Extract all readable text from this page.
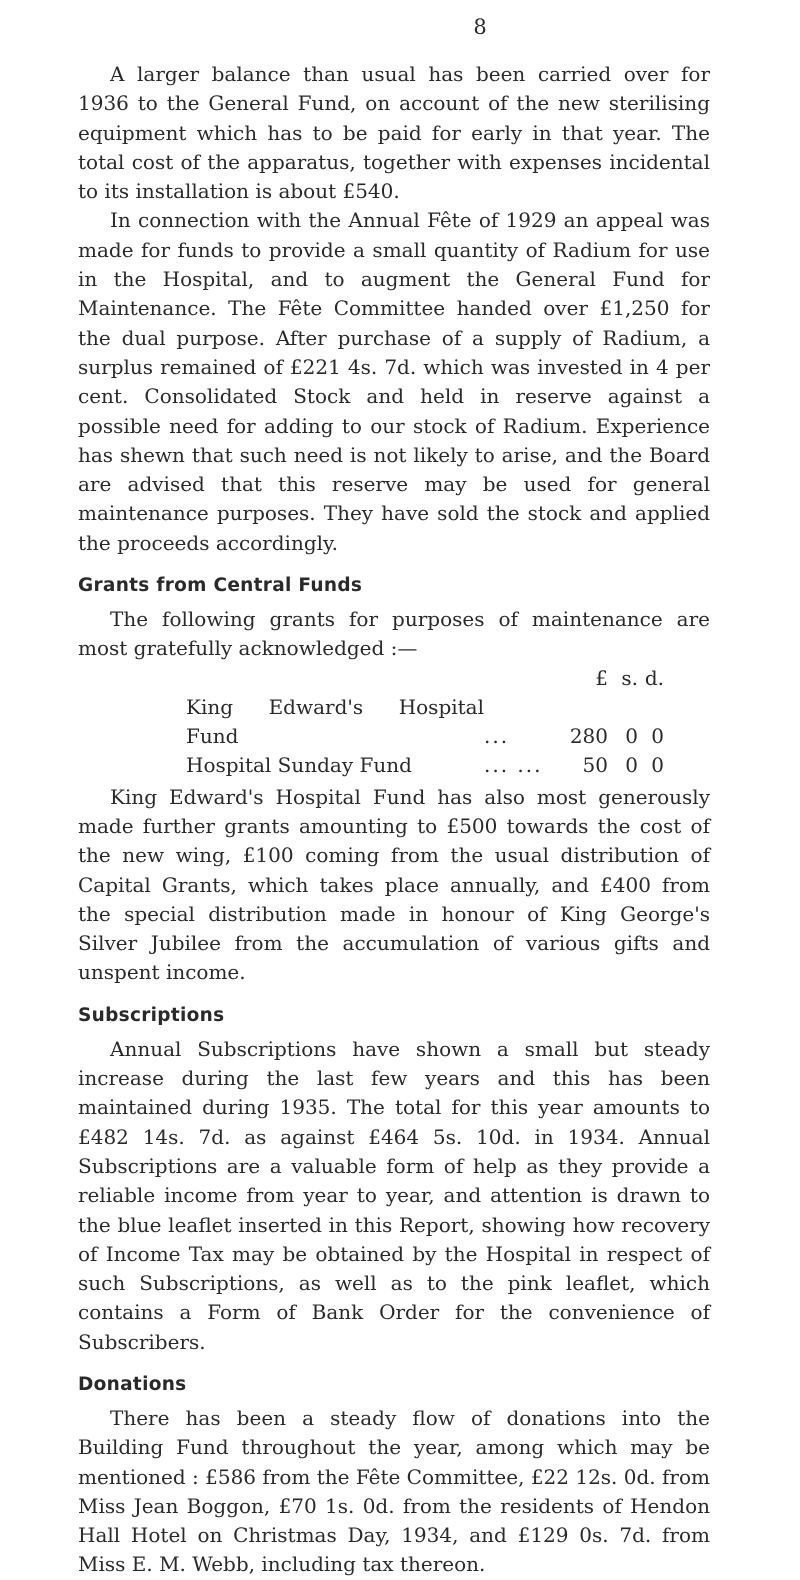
8

A larger balance than usual has been carried over for 1936 to the General Fund, on account of the new sterilising equipment which has to be paid for early in that year. The total cost of the apparatus, together with expenses incidental to its installation is about £540.

In connection with the Annual Fête of 1929 an appeal was made for funds to provide a small quantity of Radium for use in the Hospital, and to augment the General Fund for Maintenance. The Fête Committee handed over £1,250 for the dual purpose. After purchase of a supply of Radium, a surplus remained of £221 4s. 7d. which was invested in 4 per cent. Consolidated Stock and held in reserve against a possible need for adding to our stock of Radium. Experience has shewn that such need is not likely to arise, and the Board are advised that this reserve may be used for general maintenance purposes. They have sold the stock and applied the proceeds accordingly.

Grants from Central Funds

The following grants for purposes of maintenance are most gratefully acknowledged :—

		£	s.	d.
King Edward's Hospital Fund	...	280	0	0
Hospital Sunday Fund	... ...	50	0	0

King Edward's Hospital Fund has also most generously made further grants amounting to £500 towards the cost of the new wing, £100 coming from the usual distribution of Capital Grants, which takes place annually, and £400 from the special distribution made in honour of King George's Silver Jubilee from the accumulation of various gifts and unspent income.

Subscriptions

Annual Subscriptions have shown a small but steady increase during the last few years and this has been maintained during 1935. The total for this year amounts to £482 14s. 7d. as against £464 5s. 10d. in 1934. Annual Subscriptions are a valuable form of help as they provide a reliable income from year to year, and attention is drawn to the blue leaflet inserted in this Report, showing how recovery of Income Tax may be obtained by the Hospital in respect of such Subscriptions, as well as to the pink leaflet, which contains a Form of Bank Order for the convenience of Subscribers.

Donations

There has been a steady flow of donations into the Building Fund throughout the year, among which may be mentioned : £586 from the Fête Committee, £22 12s. 0d. from Miss Jean Boggon, £70 1s. 0d. from the residents of Hendon Hall Hotel on Christmas Day, 1934, and £129 0s. 7d. from Miss E. M. Webb, including tax thereon.
